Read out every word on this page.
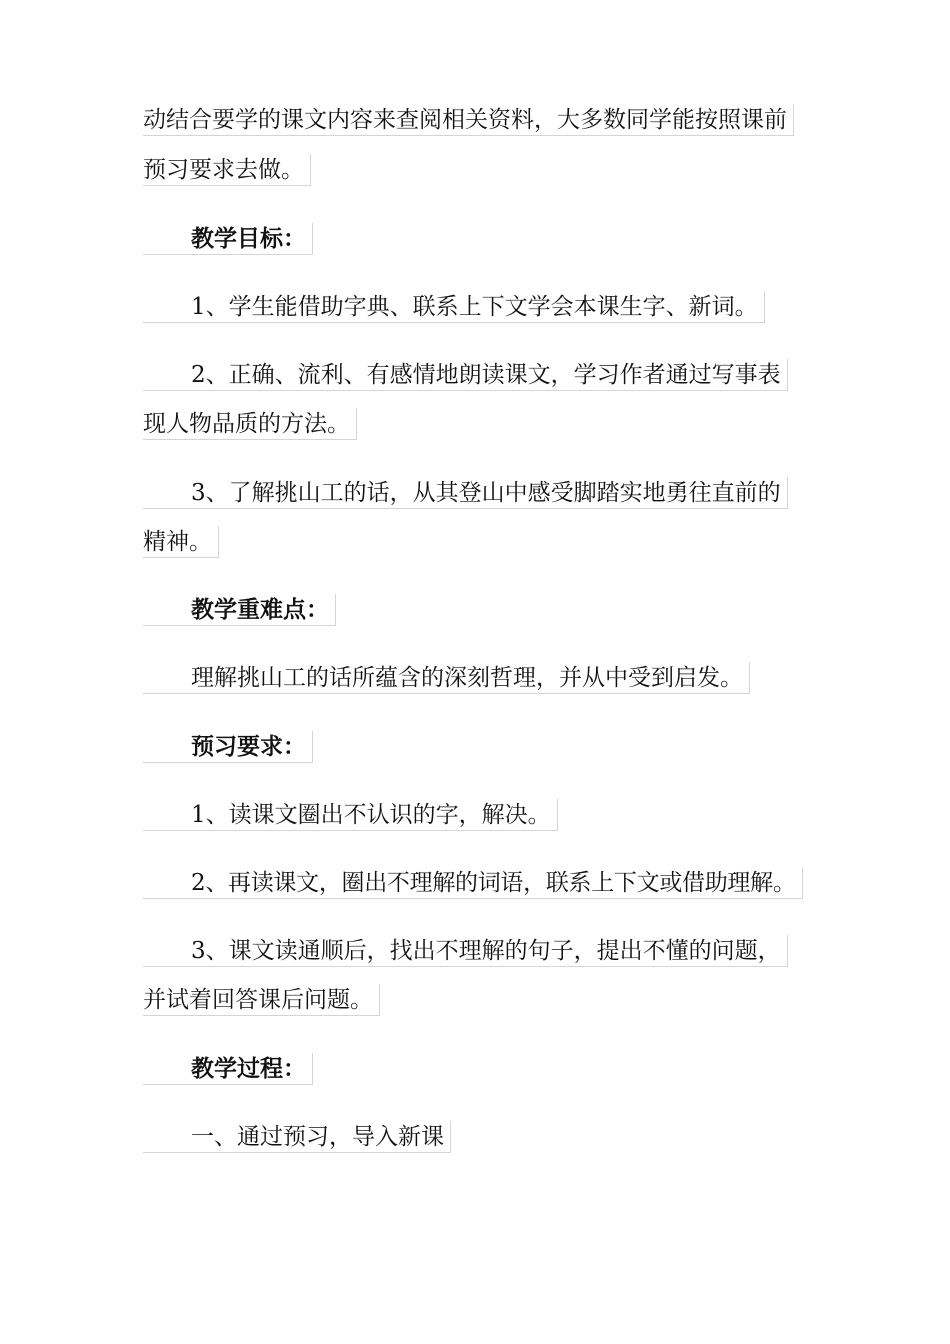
动结合要学的课文内容来查阅相关资料，大多数同学能按照课前
预习要求去做。
教学目标：
1、学生能借助字典、联系上下文学会本课生字、新词。
2、正确、流利、有感情地朗读课文，学习作者通过写事表
现人物品质的方法。
3、了解挑山工的话，从其登山中感受脚踏实地勇往直前的
精神。
教学重难点：
理解挑山工的话所蕴含的深刻哲理，并从中受到启发。
预习要求：
1、读课文圈出不认识的字，解决。
2、再读课文，圈出不理解的词语，联系上下文或借助理解。
3、课文读通顺后，找出不理解的句子，提出不懂的问题，
并试着回答课后问题。
教学过程：
一、通过预习，导入新课
